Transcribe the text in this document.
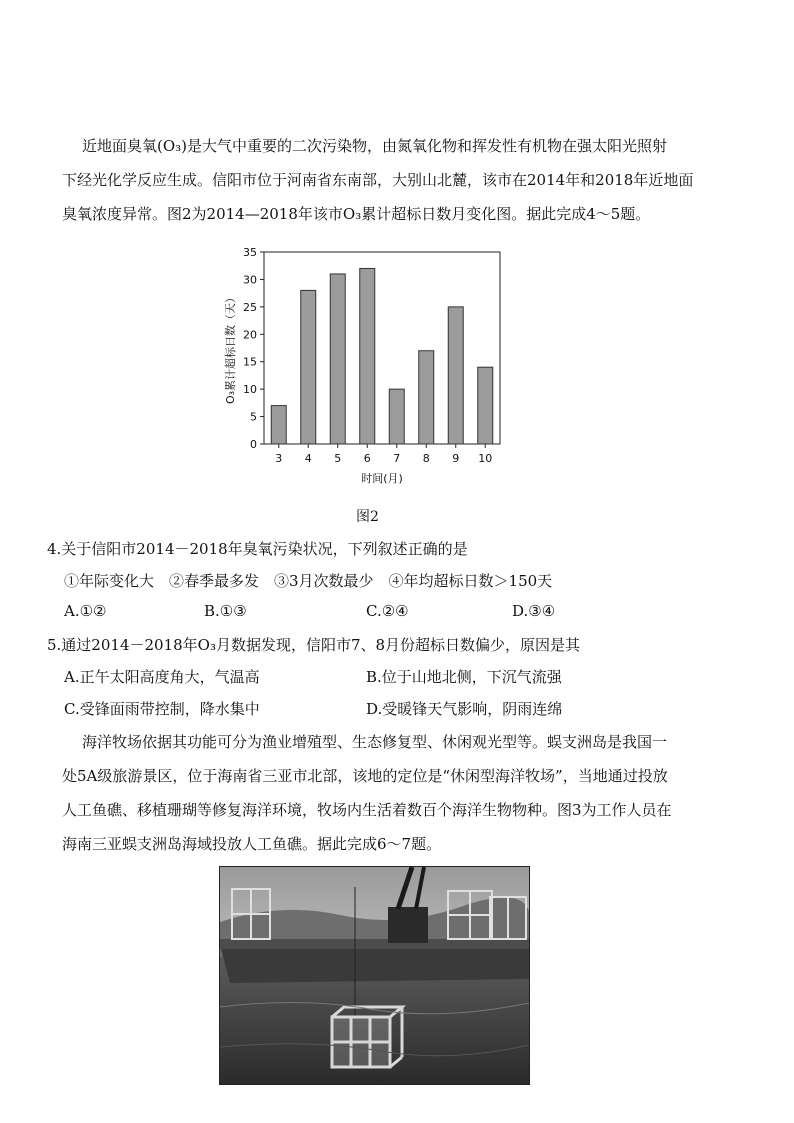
近地面臭氧(O₃)是大气中重要的二次污染物，由氮氧化物和挥发性有机物在强太阳光照射

下经光化学反应生成。信阳市位于河南省东南部，大别山北麓，该市在2014年和2018年近地面

臭氧浓度异常。图2为2014—2018年该市O₃累计超标日数月变化图。据此完成4～5题。

0
5
10
15
20
25
30
35
3 4 5 6 7 8 9 10
时间(月)
O₃累计超标日数（天）

图2

4.关于信阳市2014－2018年臭氧污染状况，下列叙述正确的是

①年际变化大　②春季最多发　③3月次数最少　④年均超标日数＞150天

A.①②	B.①③	C.②④	D.③④

5.通过2014－2018年O₃月数据发现，信阳市7、8月份超标日数偏少，原因是其

A.正午太阳高度角大，气温高	B.位于山地北侧，下沉气流强

C.受锋面雨带控制，降水集中	D.受暖锋天气影响，阴雨连绵

海洋牧场依据其功能可分为渔业增殖型、生态修复型、休闲观光型等。蜈支洲岛是我国一

处5A级旅游景区，位于海南省三亚市北部，该地的定位是“休闲型海洋牧场”，当地通过投放

人工鱼礁、移植珊瑚等修复海洋环境，牧场内生活着数百个海洋生物物种。图3为工作人员在

海南三亚蜈支洲岛海域投放人工鱼礁。据此完成6～7题。
